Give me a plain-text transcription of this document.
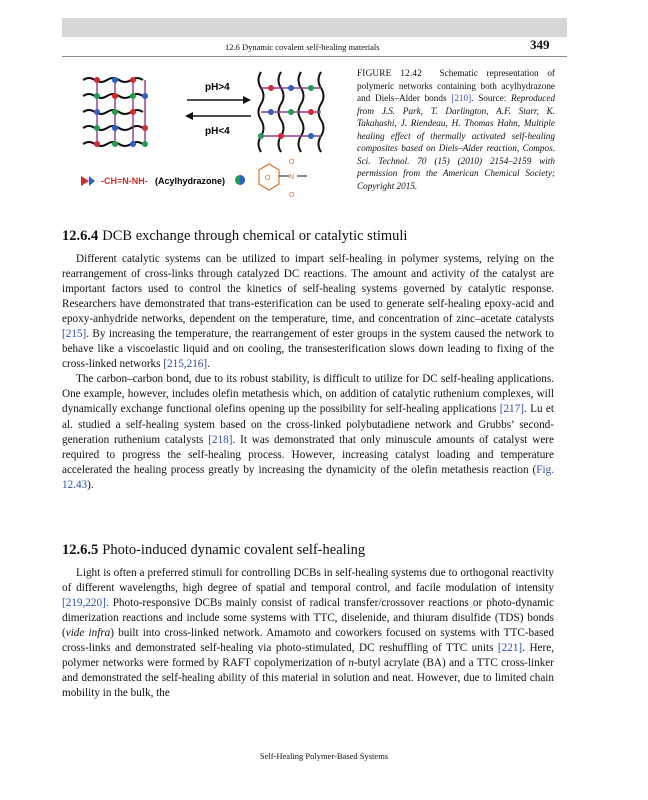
12.6 Dynamic covalent self-healing materials	349
pH>4
pH<4
-CH=N-NH- (Acylhydrazone)	O	N
O
O
FIGURE 12.42 Schematic representation of polymeric networks containing both acylhydrazone and Diels–Alder bonds [210]. Source: Reproduced from J.S. Park, T. Darlington, A.F. Starr, K. Takahashi, J. Riendeau, H. Thomas Hahn, Multiple healing effect of thermally activated self-healing composites based on Diels–Alder reaction, Compos. Sci. Technol. 70 (15) (2010) 2154–2159 with permission from the American Chemical Society; Copyright 2015.
12.6.4 DCB exchange through chemical or catalytic stimuli

Different catalytic systems can be utilized to impart self-healing in polymer systems, relying on the rearrangement of cross-links through catalyzed DC reactions. The amount and activity of the catalyst are important factors used to control the kinetics of self-healing systems governed by catalytic response. Researchers have demonstrated that trans-esterification can be used to generate self-healing epoxy-acid and epoxy-anhydride networks, dependent on the temperature, time, and concentration of zinc–acetate catalysts [215]. By increasing the temperature, the rearrangement of ester groups in the system caused the network to behave like a viscoelastic liquid and on cooling, the transesterification slows down leading to fixing of the cross-linked networks [215,216].

The carbon–carbon bond, due to its robust stability, is difficult to utilize for DC self-healing applications. One example, however, includes olefin metathesis which, on addition of catalytic ruthenium complexes, will dynamically exchange functional olefins opening up the possibility for self-healing applications [217]. Lu et al. studied a self-healing system based on the cross-linked polybutadiene network and Grubbs’ second-generation ruthenium catalysts [218]. It was demonstrated that only minuscule amounts of catalyst were required to progress the self-healing process. However, increasing catalyst loading and temperature accelerated the healing process greatly by increasing the dynamicity of the olefin metathesis reaction (Fig. 12.43).

12.6.5 Photo-induced dynamic covalent self-healing

Light is often a preferred stimuli for controlling DCBs in self-healing systems due to orthogonal reactivity of different wavelengths, high degree of spatial and temporal control, and facile modulation of intensity [219,220]. Photo-responsive DCBs mainly consist of radical transfer/crossover reactions or photo-dynamic dimerization reactions and include some systems with TTC, diselenide, and thiuram disulfide (TDS) bonds (vide infra) built into cross-linked network. Amamoto and coworkers focused on systems with TTC-based cross-links and demonstrated self-healing via photo-stimulated, DC reshuffling of TTC units [221]. Here, polymer networks were formed by RAFT copolymerization of n-butyl acrylate (BA) and a TTC cross-linker and demonstrated the self-healing ability of this material in solution and neat. However, due to limited chain mobility in the bulk, the

Self-Healing Polymer-Based Systems
